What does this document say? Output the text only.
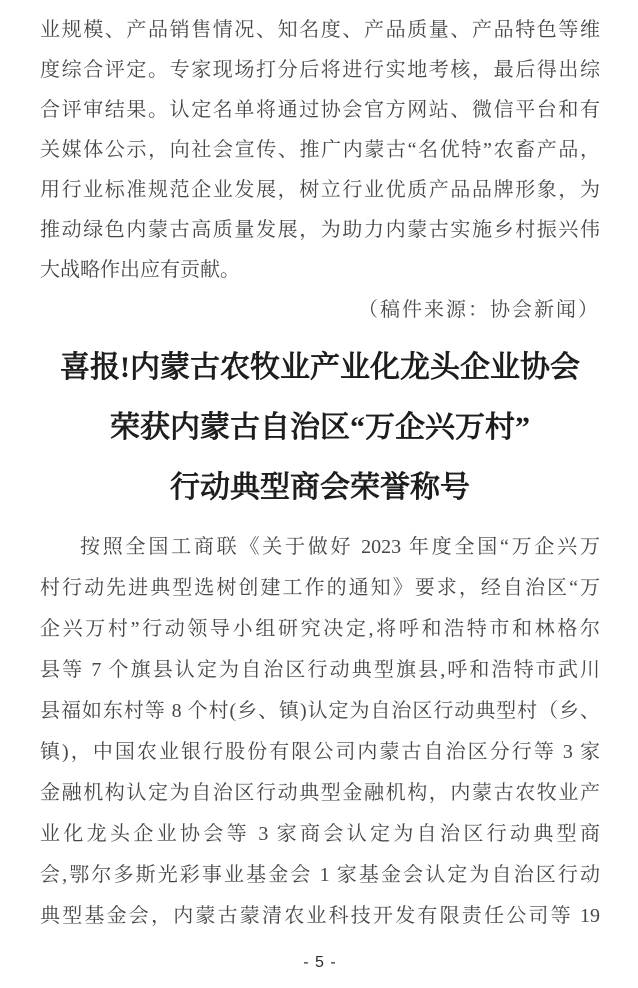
业规模、产品销售情况、知名度、产品质量、产品特色等维
度综合评定。专家现场打分后将进行实地考核，最后得出综
合评审结果。认定名单将通过协会官方网站、微信平台和有
关媒体公示，向社会宣传、推广内蒙古“名优特”农畜产品，
用行业标准规范企业发展，树立行业优质产品品牌形象，为
推动绿色内蒙古高质量发展，为助力内蒙古实施乡村振兴伟
大战略作出应有贡献。
（稿件来源：协会新闻）
喜报!内蒙古农牧业产业化龙头企业协会
荣获内蒙古自治区“万企兴万村”
行动典型商会荣誉称号
按照全国工商联《关于做好 2023 年度全国“万企兴万
村行动先进典型选树创建工作的通知》要求，经自治区“万
企兴万村”行动领导小组研究决定,将呼和浩特市和林格尔
县等 7 个旗县认定为自治区行动典型旗县,呼和浩特市武川
县福如东村等 8 个村(乡、镇)认定为自治区行动典型村（乡、
镇)，中国农业银行股份有限公司内蒙古自治区分行等 3 家
金融机构认定为自治区行动典型金融机构，内蒙古农牧业产
业化龙头企业协会等 3 家商会认定为自治区行动典型商
会,鄂尔多斯光彩事业基金会 1 家基金会认定为自治区行动
典型基金会，内蒙古蒙清农业科技开发有限责任公司等 19
- 5 -
